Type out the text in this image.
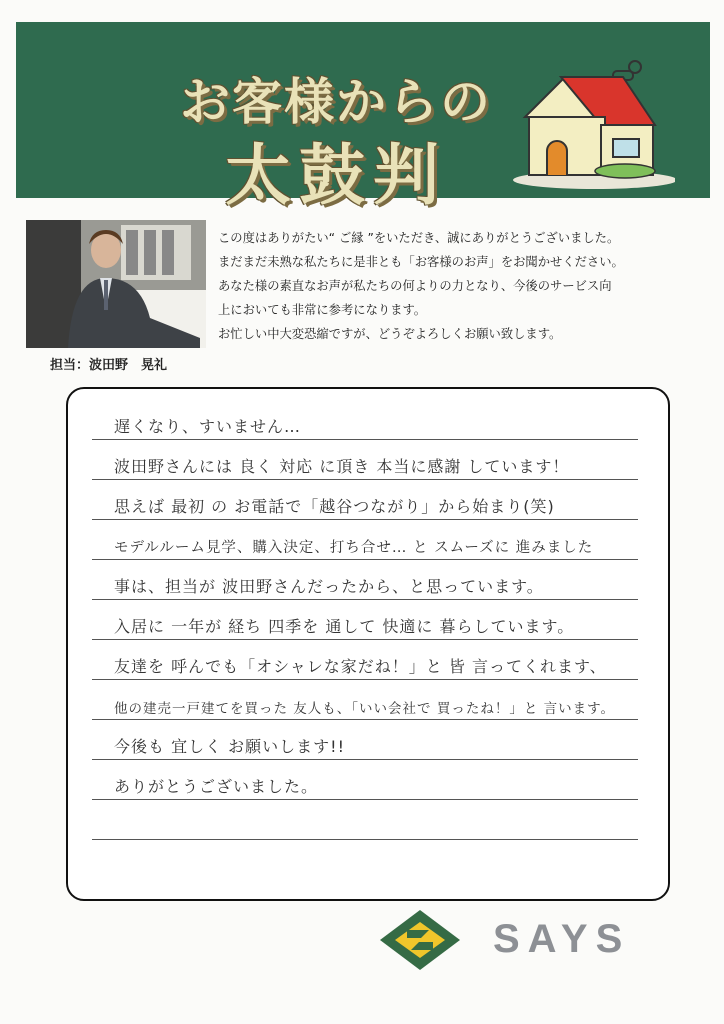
お客様からの
太鼓判
担当：波田野　晃礼
この度はありがたい“ ご縁 ”をいただき、誠にありがとうございました。
まだまだ未熟な私たちに是非とも「お客様のお声」をお聞かせください。
あなた様の素直なお声が私たちの何よりの力となり、今後のサービス向
上においても非常に参考になります。
お忙しい中大変恐縮ですが、どうぞよろしくお願い致します。
遅くなり、すいません…
波田野さんには 良く 対応 に頂き 本当に感謝 しています！
思えば 最初 の お電話で「越谷つながり」から始まり(笑)
モデルルーム見学、購入決定、打ち合せ… と スムーズに 進みました
事は、担当が 波田野さんだったから、と思っています。
入居に 一年が 経ち 四季を 通して 快適に 暮らしています。
友達を 呼んでも「オシャレな家だね！」と 皆 言ってくれます、
他の建売一戸建てを買った 友人も、「いい会社で 買ったね！」と 言います。
今後も 宜しく お願いします!!
ありがとうございました。
SAYS
